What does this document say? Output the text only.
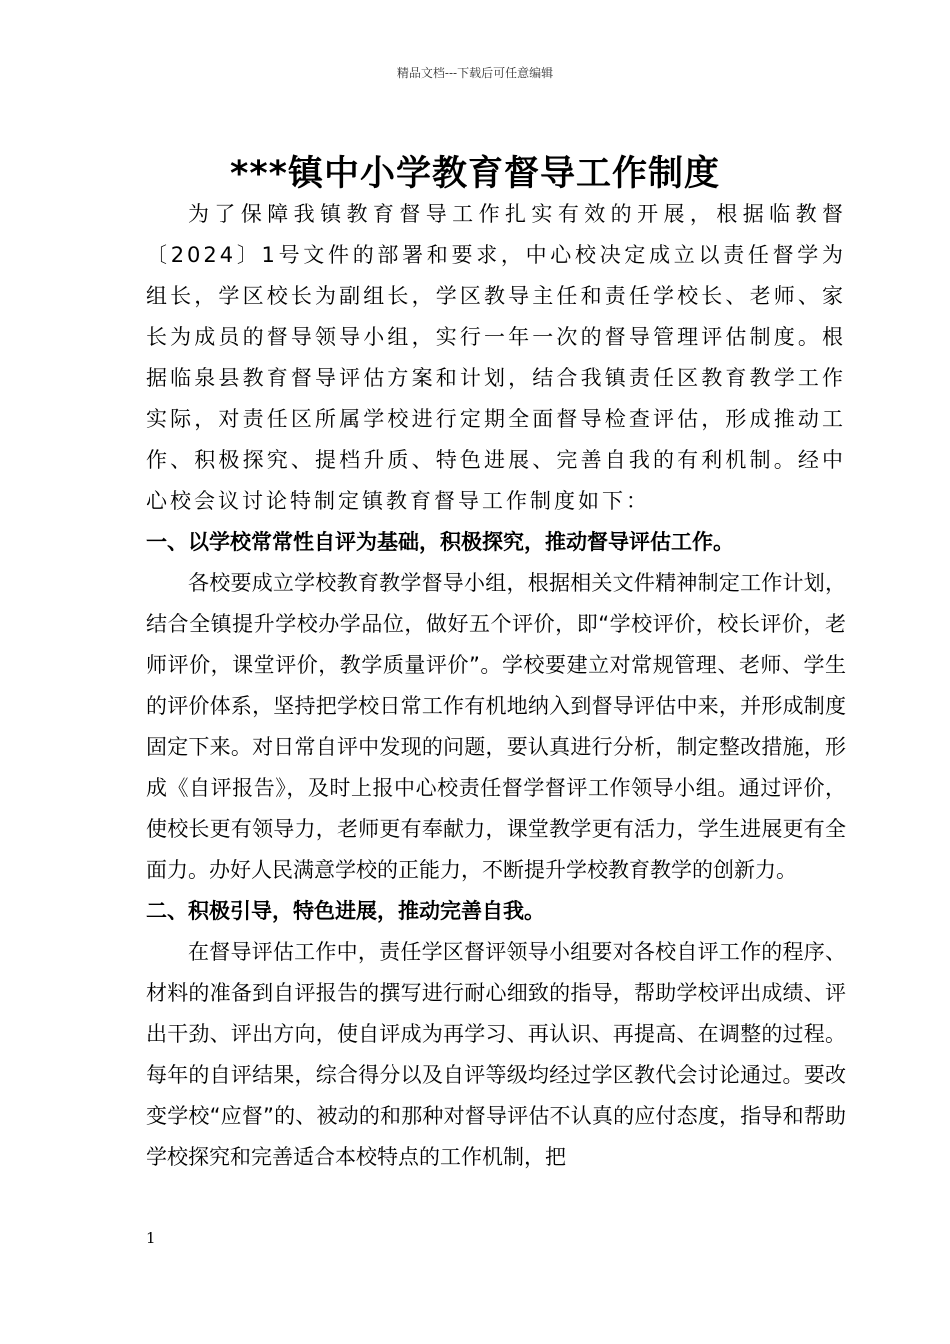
精品文档---下载后可任意编辑
***镇中小学教育督导工作制度

为了保障我镇教育督导工作扎实有效的开展，根据临教督〔2024〕1号文件的部署和要求，中心校决定成立以责任督学为组长，学区校长为副组长，学区教导主任和责任学校长、老师、家长为成员的督导领导小组，实行一年一次的督导管理评估制度。根据临泉县教育督导评估方案和计划，结合我镇责任区教育教学工作实际，对责任区所属学校进行定期全面督导检查评估，形成推动工作、积极探究、提档升质、特色进展、完善自我的有利机制。经中心校会议讨论特制定镇教育督导工作制度如下：

一、以学校常常性自评为基础，积极探究，推动督导评估工作。

各校要成立学校教育教学督导小组，根据相关文件精神制定工作计划，结合全镇提升学校办学品位，做好五个评价，即“学校评价，校长评价，老师评价，课堂评价，教学质量评价”。学校要建立对常规管理、老师、学生的评价体系，坚持把学校日常工作有机地纳入到督导评估中来，并形成制度固定下来。对日常自评中发现的问题，要认真进行分析，制定整改措施，形成《自评报告》，及时上报中心校责任督学督评工作领导小组。通过评价，使校长更有领导力，老师更有奉献力，课堂教学更有活力，学生进展更有全面力。办好人民满意学校的正能力，不断提升学校教育教学的创新力。

二、积极引导，特色进展，推动完善自我。

在督导评估工作中，责任学区督评领导小组要对各校自评工作的程序、材料的准备到自评报告的撰写进行耐心细致的指导，帮助学校评出成绩、评出干劲、评出方向，使自评成为再学习、再认识、再提高、在调整的过程。每年的自评结果，综合得分以及自评等级均经过学区教代会讨论通过。要改变学校“应督”的、被动的和那种对督导评估不认真的应付态度，指导和帮助学校探究和完善适合本校特点的工作机制，把

1
